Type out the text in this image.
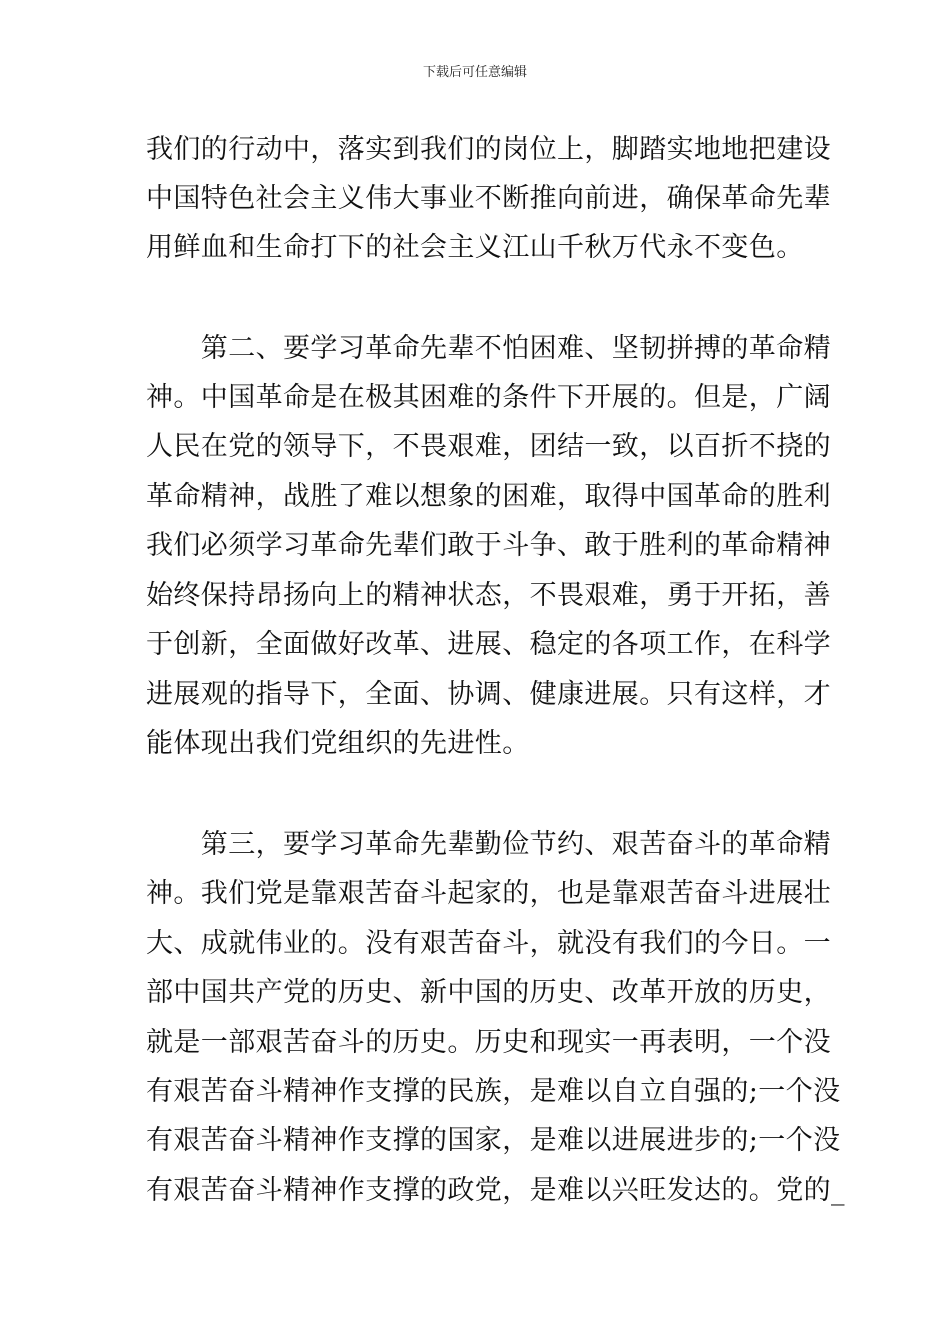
下载后可任意编辑
我们的行动中，落实到我们的岗位上，脚踏实地地把建设
中国特色社会主义伟大事业不断推向前进，确保革命先辈
用鲜血和生命打下的社会主义江山千秋万代永不变色。
　　第二、要学习革命先辈不怕困难、坚韧拼搏的革命精
神。中国革命是在极其困难的条件下开展的。但是，广阔
人民在党的领导下，不畏艰难，团结一致，以百折不挠的
革命精神，战胜了难以想象的困难，取得中国革命的胜利
我们必须学习革命先辈们敢于斗争、敢于胜利的革命精神
始终保持昂扬向上的精神状态，不畏艰难，勇于开拓，善
于创新，全面做好改革、进展、稳定的各项工作，在科学
进展观的指导下，全面、协调、健康进展。只有这样，才
能体现出我们党组织的先进性。
　　第三，要学习革命先辈勤俭节约、艰苦奋斗的革命精
神。我们党是靠艰苦奋斗起家的，也是靠艰苦奋斗进展壮
大、成就伟业的。没有艰苦奋斗，就没有我们的今日。一
部中国共产党的历史、新中国的历史、改革开放的历史，
就是一部艰苦奋斗的历史。历史和现实一再表明，一个没
有艰苦奋斗精神作支撑的民族，是难以自立自强的;一个没
有艰苦奋斗精神作支撑的国家，是难以进展进步的;一个没
有艰苦奋斗精神作支撑的政党，是难以兴旺发达的。党的_
